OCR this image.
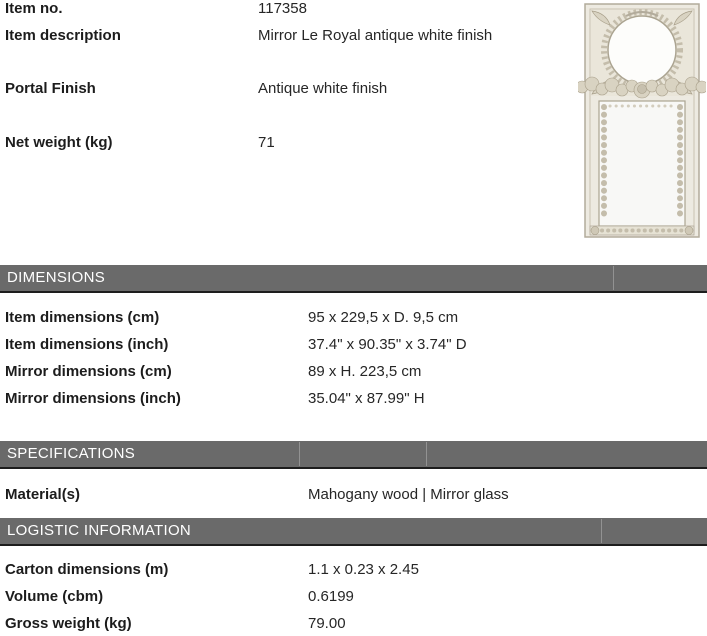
Item no.	117358
Item description	Mirror Le Royal antique white finish
Portal Finish	Antique white finish
Net weight (kg)	71
DIMENSIONS
Item dimensions (cm)	95 x 229,5 x D. 9,5 cm
Item dimensions (inch)	37.4" x 90.35" x 3.74" D
Mirror dimensions (cm)	89 x H. 223,5 cm
Mirror dimensions (inch)	35.04" x 87.99" H
SPECIFICATIONS
Material(s)	Mahogany wood | Mirror glass
LOGISTIC INFORMATION
Carton dimensions (m)	1.1 x 0.23 x 2.45
Volume (cbm)	0.6199
Gross weight (kg)	79.00
